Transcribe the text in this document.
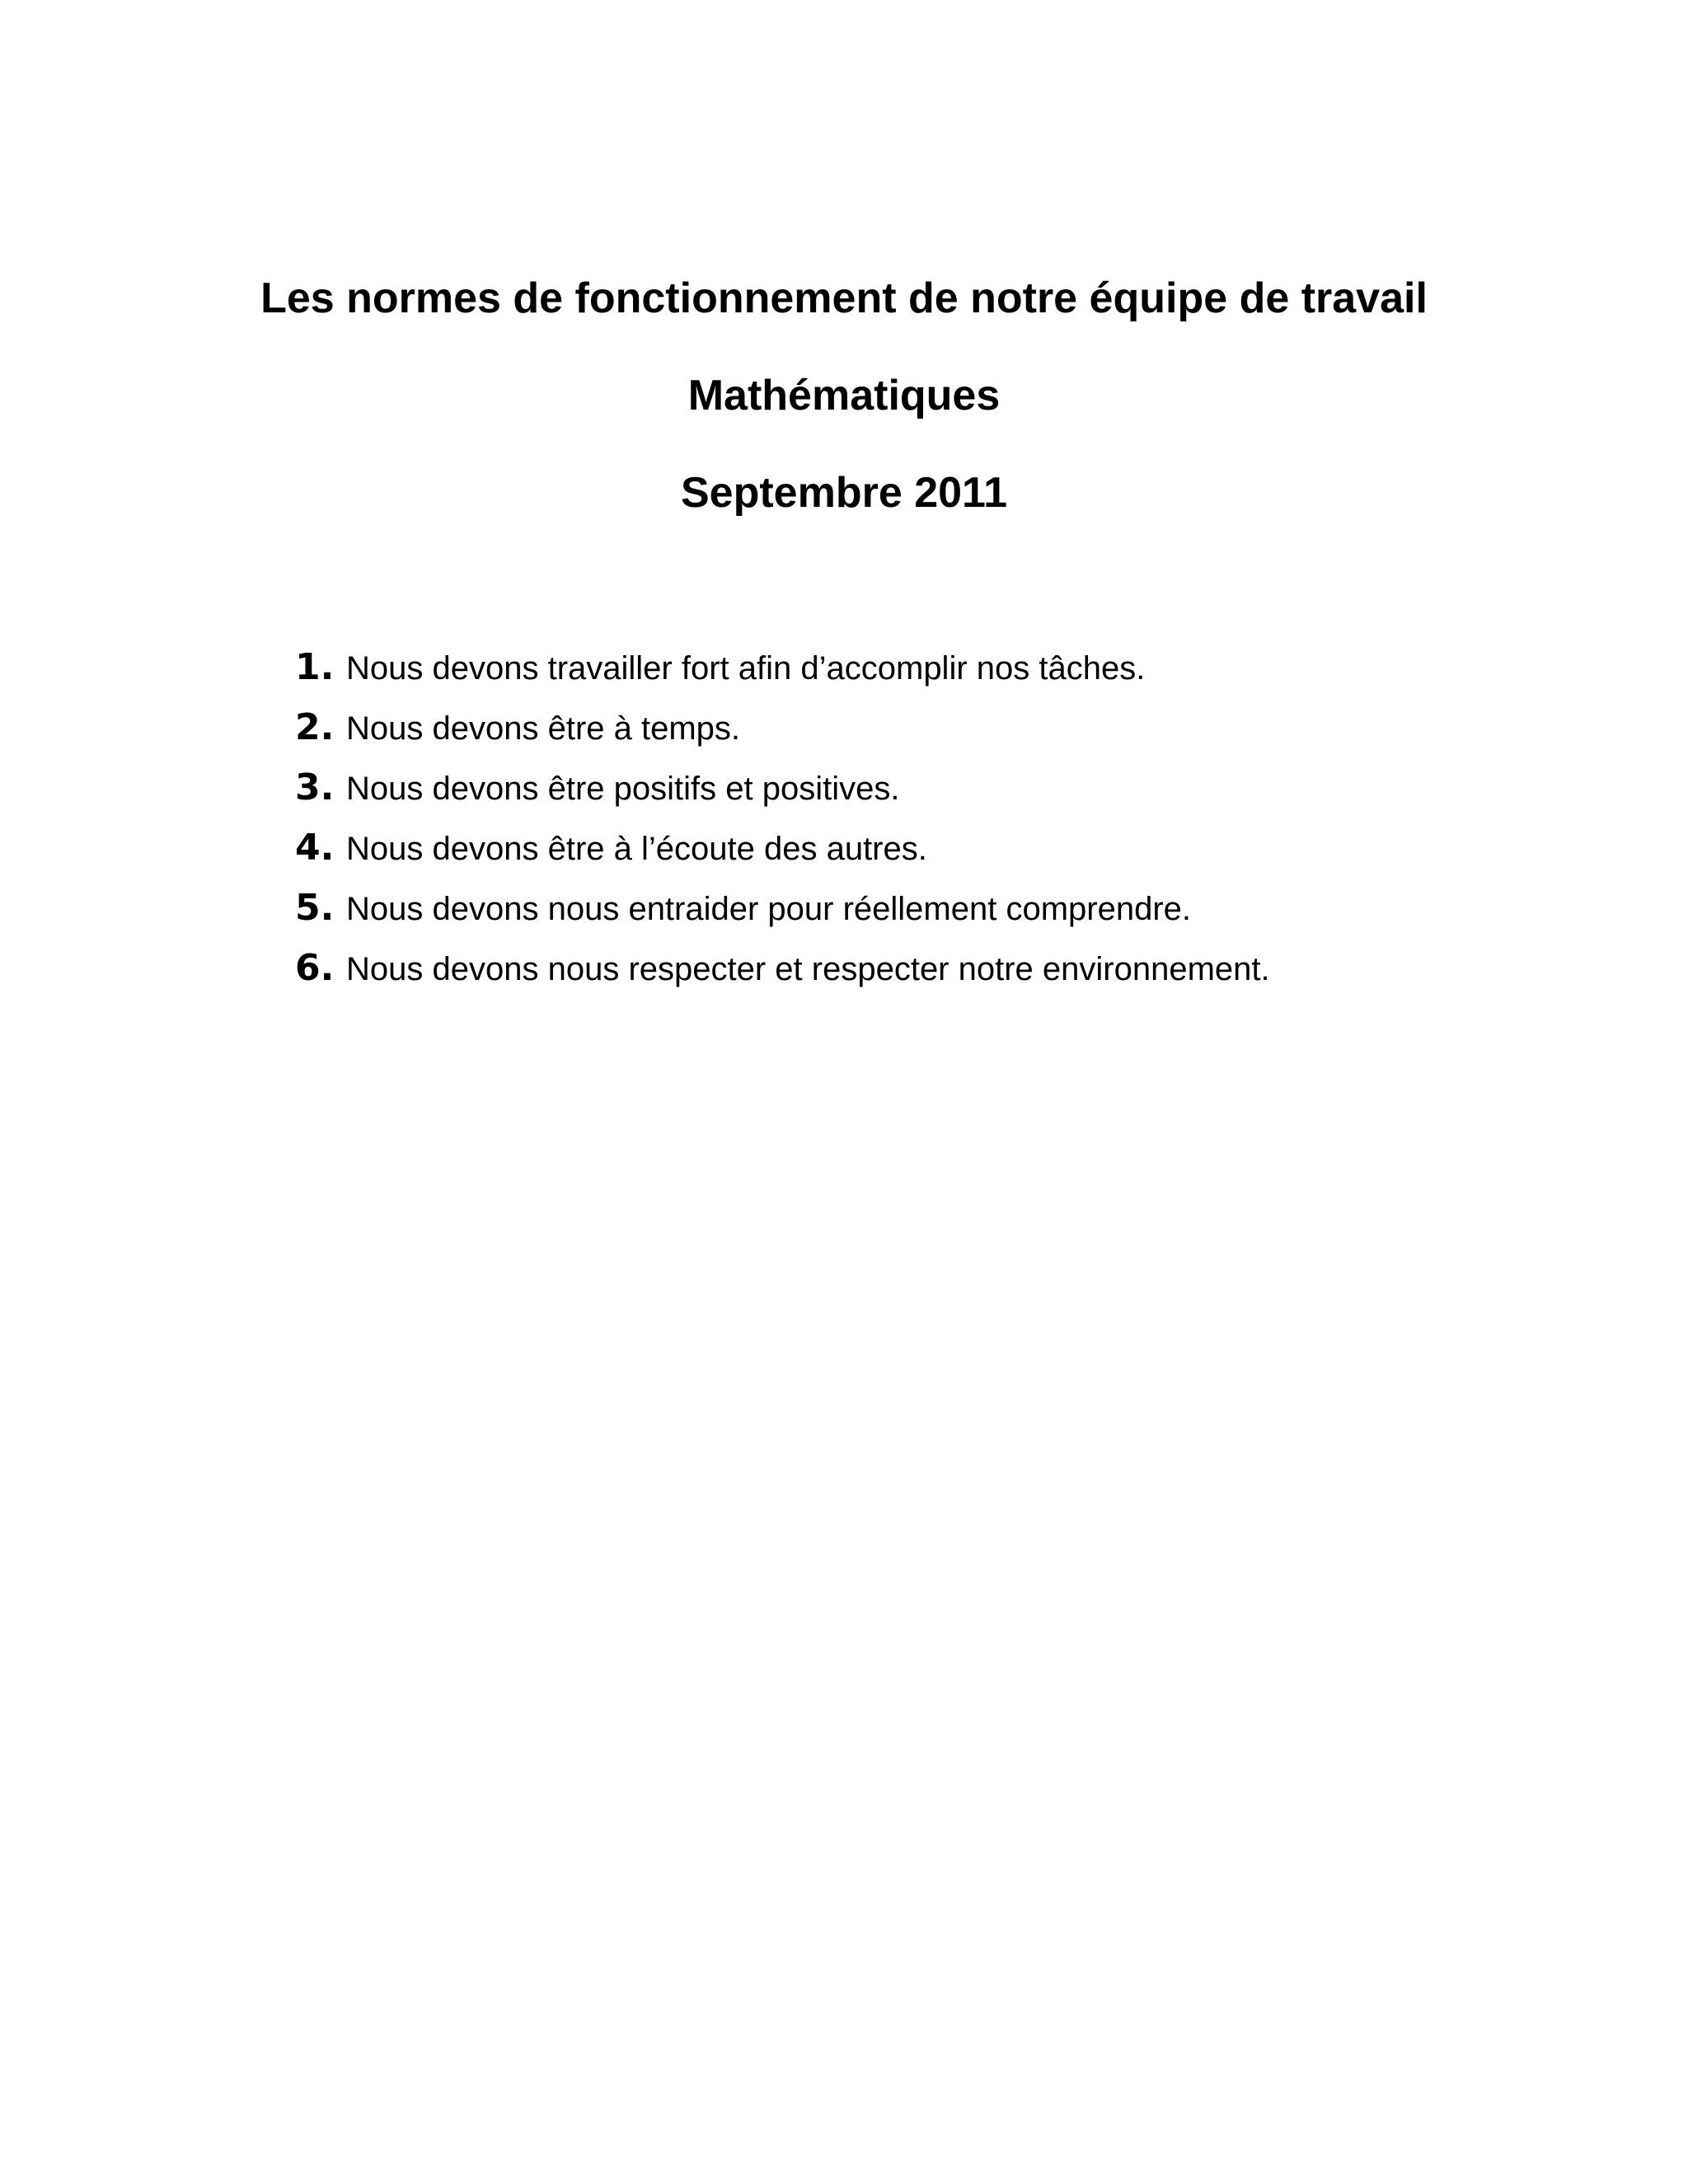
Les normes de fonctionnement de notre équipe de travail
Mathématiques
Septembre 2011
1. Nous devons travailler fort afin d’accomplir nos tâches.
2. Nous devons être à temps.
3. Nous devons être positifs et positives.
4. Nous devons être à l’écoute des autres.
5. Nous devons nous entraider pour réellement comprendre.
6. Nous devons nous respecter et respecter notre environnement.
